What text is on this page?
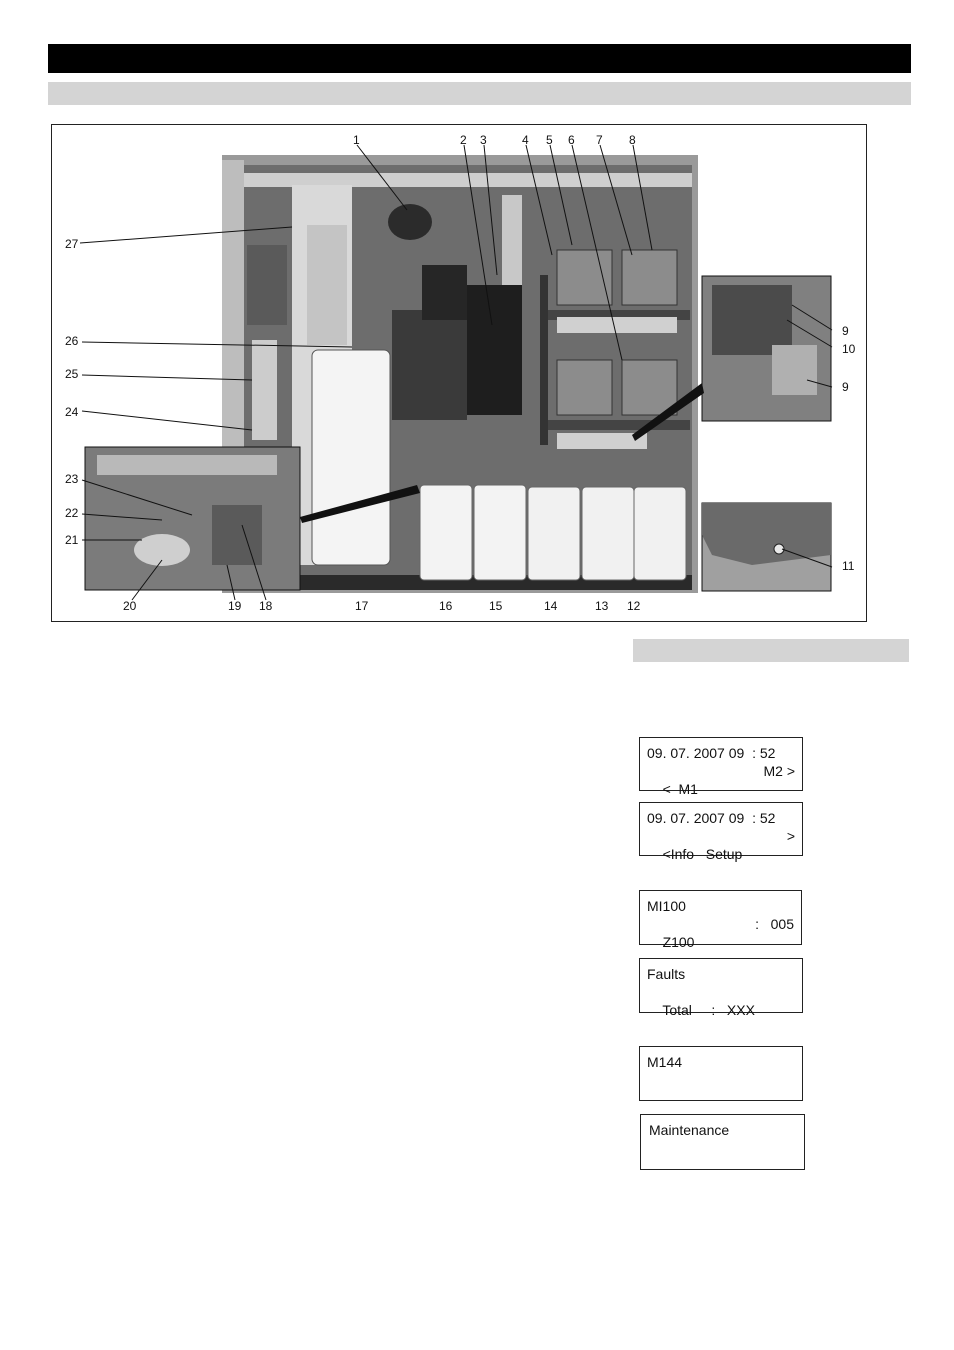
1	2 3	4 5 6 7 8
9
10
9
11
12
13
14
15
16
17
18
19
20
21
22
23
24
25
26
27
09. 07. 2007 09  : 52

<  M1

M2 >

09. 07. 2007 09  : 52

<Info   Setup

>

MI100

Z100

:   005

Faults

Total     :   XXX

M144

Maintenance
